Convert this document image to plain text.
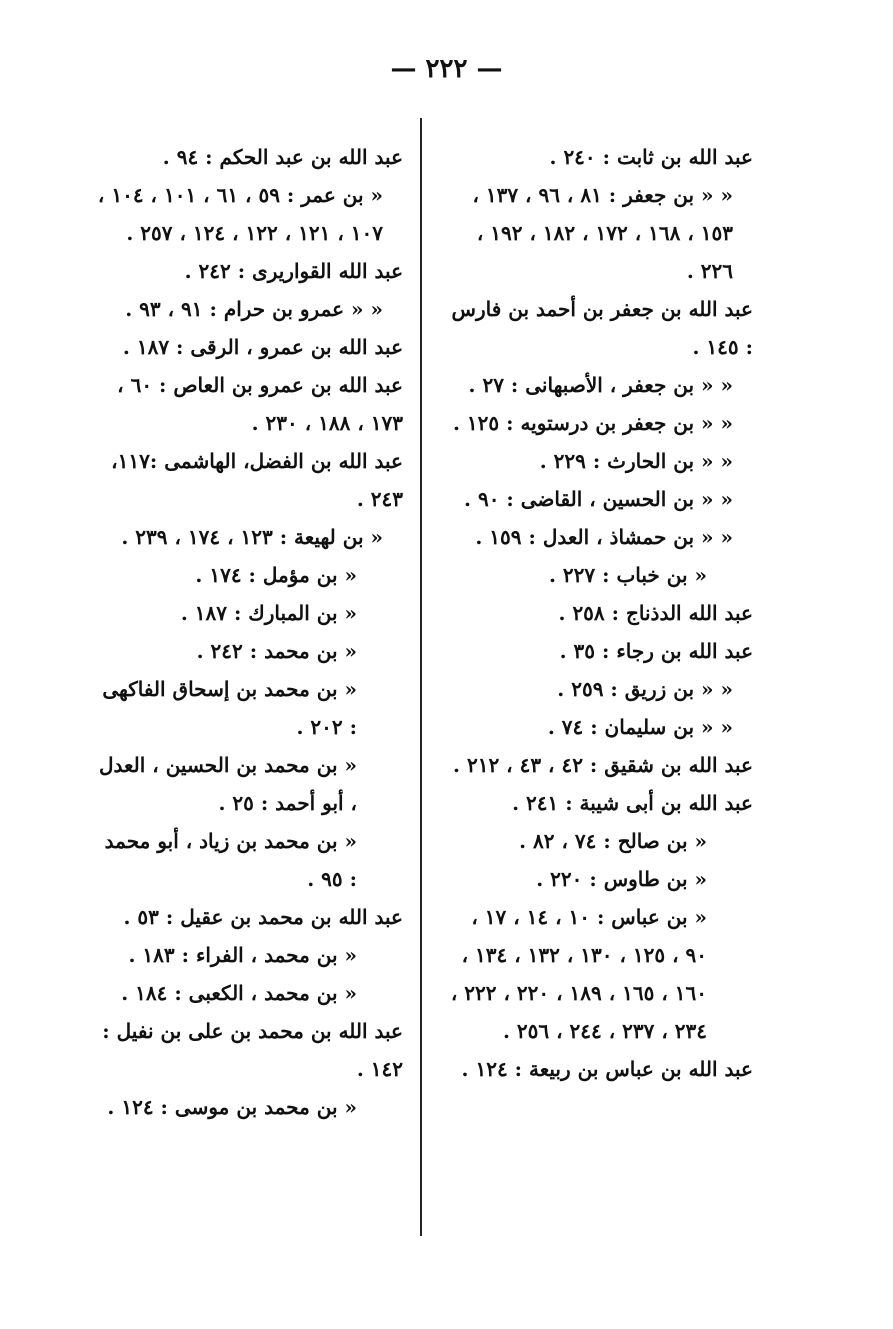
— ٢٢٢ —

عبد الله بن ثابت : ٢٤٠ .

« « بن جعفر : ٨١ ، ٩٦ ، ١٣٧ ، ١٥٣ ، ١٦٨ ، ١٧٢ ، ١٨٢ ، ١٩٢ ، ٢٢٦ .

عبد الله بن جعفر بن أحمد بن فارس : ١٤٥ .

« « بن جعفر ، الأصبهانى : ٢٧ .

« « بن جعفر بن درستويه : ١٢٥ .

« « بن الحارث : ٢٢٩ .

« « بن الحسين ، القاضى : ٩٠ .

« « بن حمشاذ ، العدل : ١٥٩ .

« بن خباب : ٢٢٧ .

عبد الله الدذناج : ٢٥٨ .

عبد الله بن رجاء : ٣٥ .

« « بن زريق : ٢٥٩ .

« « بن سليمان : ٧٤ .

عبد الله بن شقيق : ٤٢ ، ٤٣ ، ٢١٢ .

عبد الله بن أبى شيبة : ٢٤١ .

« بن صالح : ٧٤ ، ٨٢ .

« بن طاوس : ٢٢٠ .

« بن عباس : ١٠ ، ١٤ ، ١٧ ، ٩٠ ، ١٢٥ ، ١٣٠ ، ١٣٢ ، ١٣٤ ، ١٦٠ ، ١٦٥ ، ١٨٩ ، ٢٢٠ ، ٢٢٢ ، ٢٣٤ ، ٢٣٧ ، ٢٤٤ ، ٢٥٦ .

عبد الله بن عباس بن ربيعة : ١٢٤ .

عبد الله بن عبد الحكم : ٩٤ .

« بن عمر : ٥٩ ، ٦١ ، ١٠١ ، ١٠٤ ، ١٠٧ ، ١٢١ ، ١٢٢ ، ١٢٤ ، ٢٥٧ .

عبد الله القواريرى : ٢٤٢ .

« « عمرو بن حرام : ٩١ ، ٩٣ .

عبد الله بن عمرو ، الرقى : ١٨٧ .

عبد الله بن عمرو بن العاص : ٦٠ ، ١٧٣ ، ١٨٨ ، ٢٣٠ .

عبد الله بن الفضل، الهاشمى :١١٧، ٢٤٣ .

« بن لهيعة : ١٢٣ ، ١٧٤ ، ٢٣٩ .

« بن مؤمل : ١٧٤ .

« بن المبارك : ١٨٧ .

« بن محمد : ٢٤٢ .

« بن محمد بن إسحاق الفاكهى : ٢٠٢ .

« بن محمد بن الحسين ، العدل ، أبو أحمد : ٢٥ .

« بن محمد بن زياد ، أبو محمد : ٩٥ .

عبد الله بن محمد بن عقيل : ٥٣ .

« بن محمد ، الفراء : ١٨٣ .

« بن محمد ، الكعبى : ١٨٤ .

عبد الله بن محمد بن على بن نفيل : ١٤٢ .

« بن محمد بن موسى : ١٢٤ .
